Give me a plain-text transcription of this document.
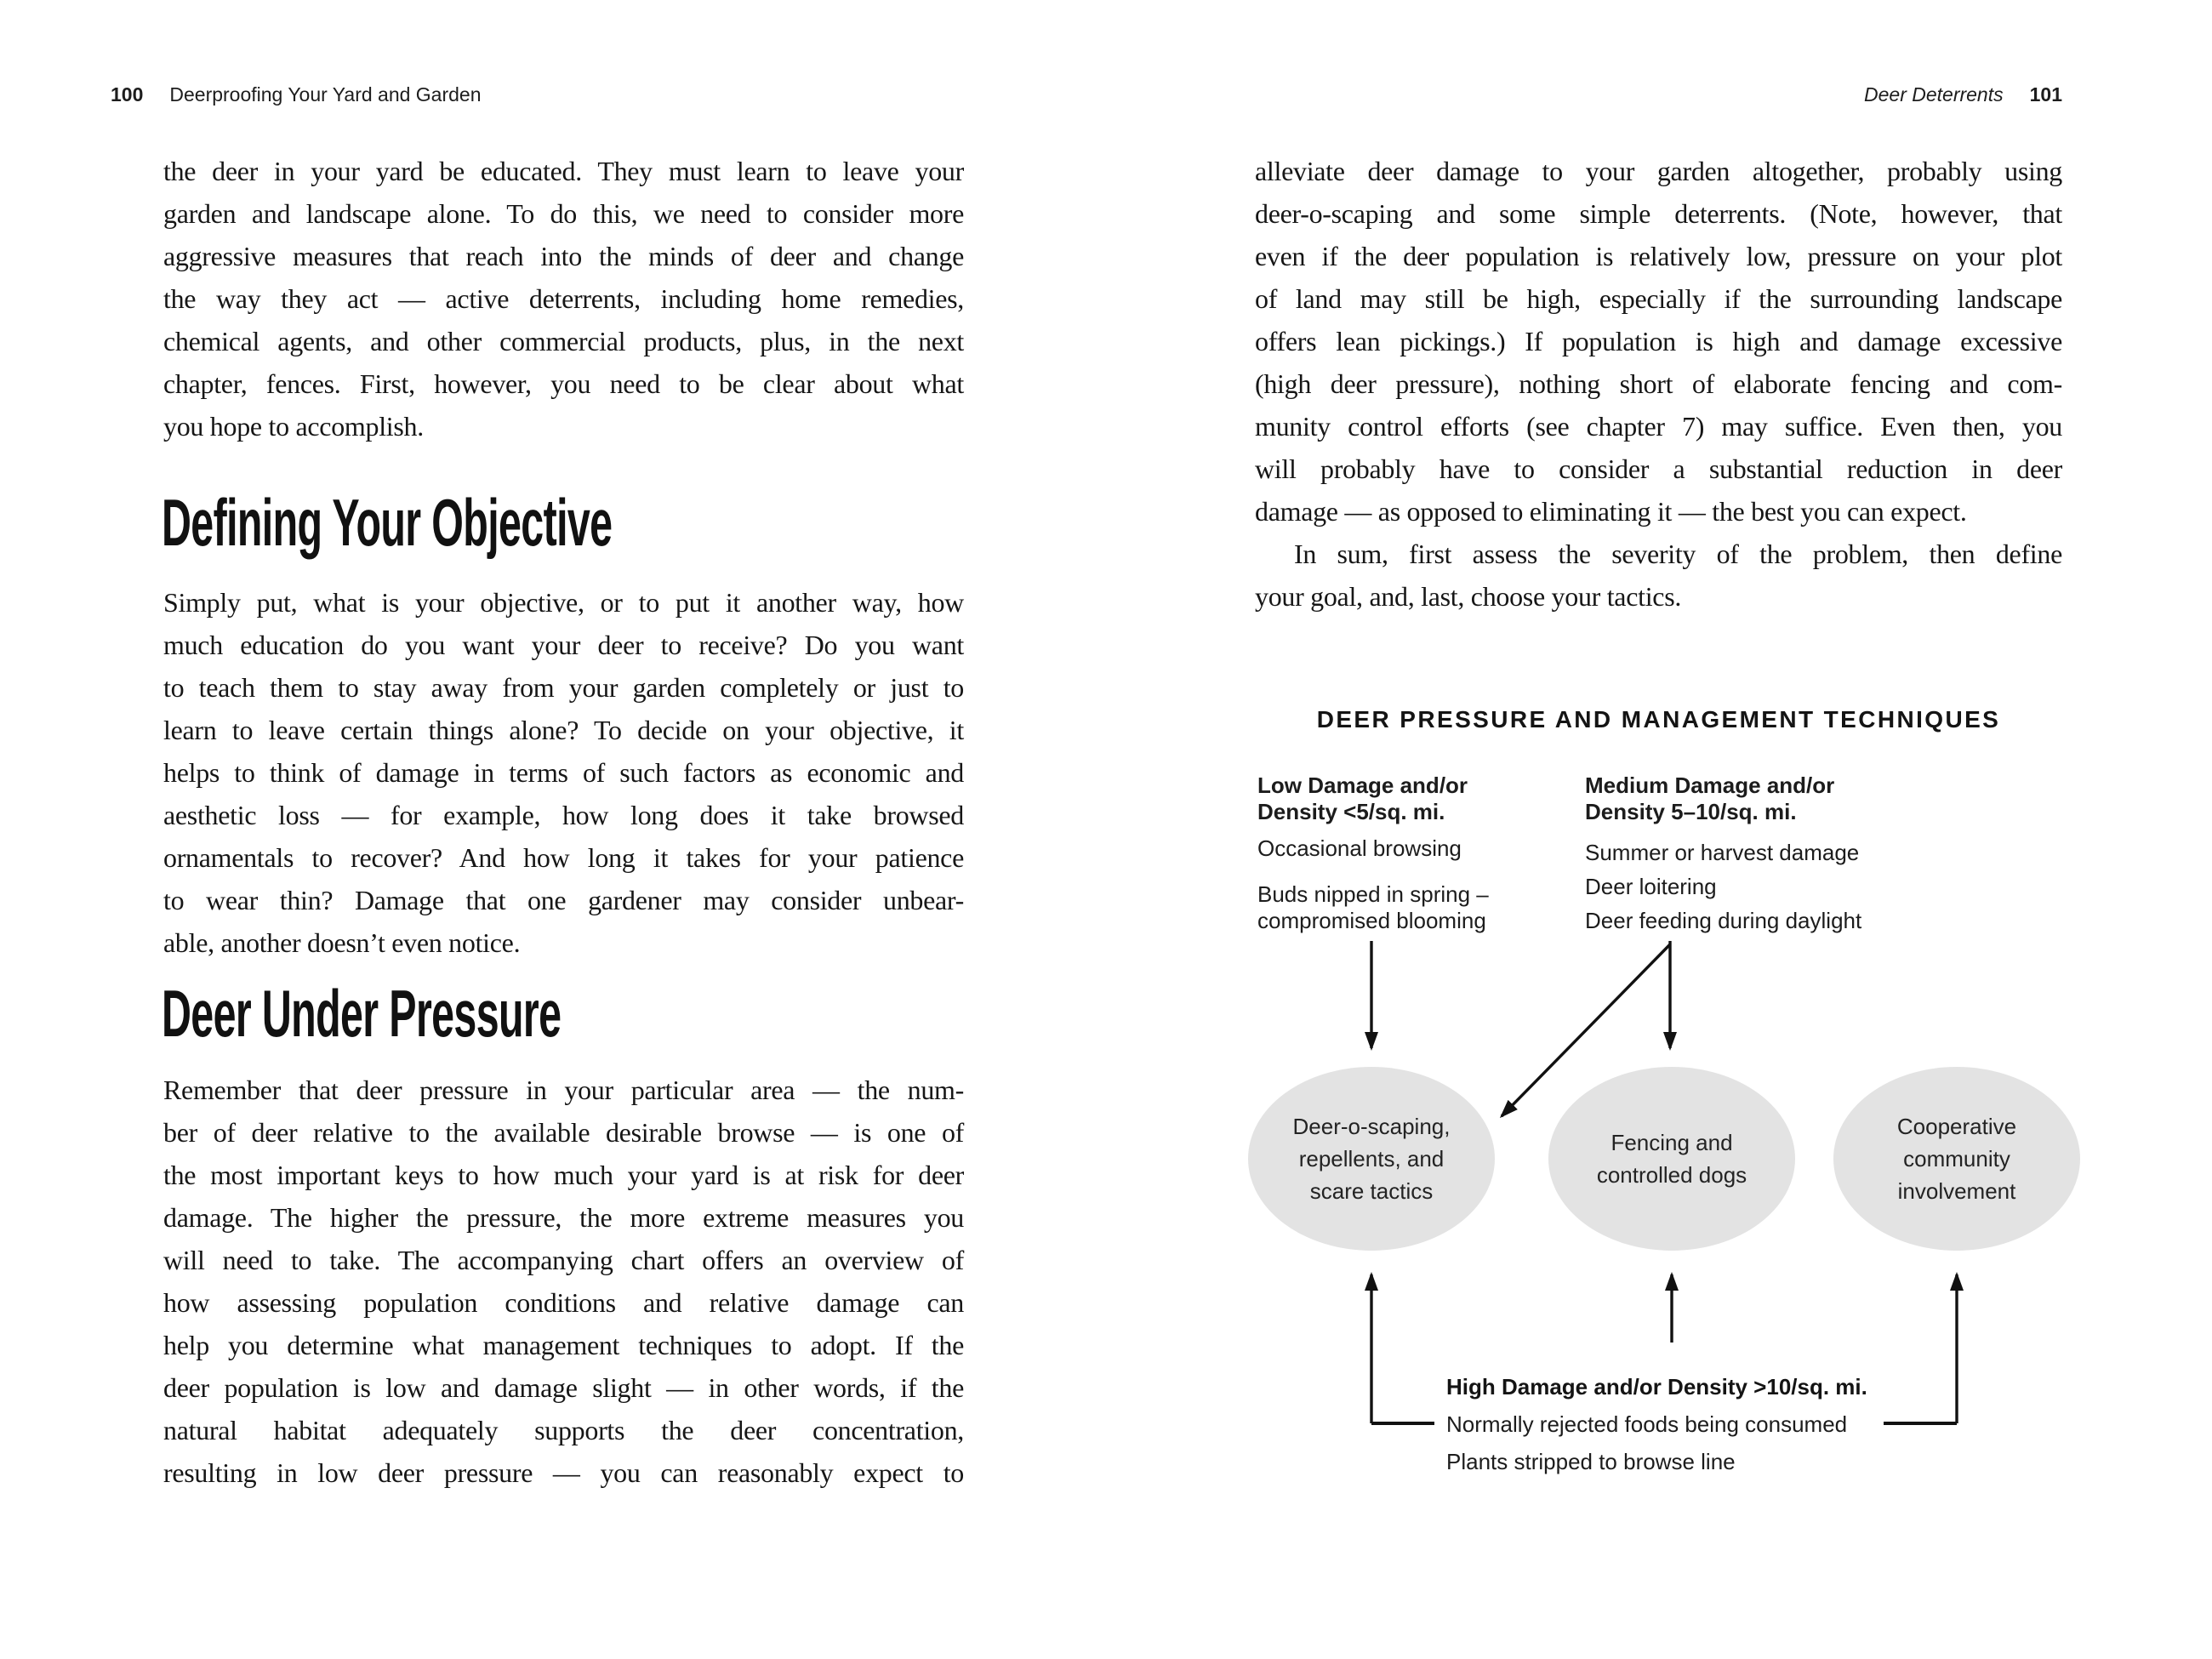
100 Deerproofing Your Yard and Garden	Deer Deterrents 101
the deer in your yard be educated. They must learn to leave your
garden and landscape alone. To do this, we need to consider more
aggressive measures that reach into the minds of deer and change
the way they act — active deterrents, including home remedies,
chemical agents, and other commercial products, plus, in the next
chapter, fences. First, however, you need to be clear about what
you hope to accomplish.
Defining Your Objective
Simply put, what is your objective, or to put it another way, how
much education do you want your deer to receive? Do you want
to teach them to stay away from your garden completely or just to
learn to leave certain things alone? To decide on your objective, it
helps to think of damage in terms of such factors as economic and
aesthetic loss — for example, how long does it take browsed
ornamentals to recover? And how long it takes for your patience
to wear thin? Damage that one gardener may consider unbear-
able, another doesn’t even notice.
Deer Under Pressure
Remember that deer pressure in your particular area — the num-
ber of deer relative to the available desirable browse — is one of
the most important keys to how much your yard is at risk for deer
damage. The higher the pressure, the more extreme measures you
will need to take. The accompanying chart offers an overview of
how assessing population conditions and relative damage can
help you determine what management techniques to adopt. If the
deer population is low and damage slight — in other words, if the
natural habitat adequately supports the deer concentration,
resulting in low deer pressure — you can reasonably expect to
alleviate deer damage to your garden altogether, probably using
deer-o-scaping and some simple deterrents. (Note, however, that
even if the deer population is relatively low, pressure on your plot
of land may still be high, especially if the surrounding landscape
offers lean pickings.) If population is high and damage excessive
(high deer pressure), nothing short of elaborate fencing and com-
munity control efforts (see chapter 7) may suffice. Even then, you
will probably have to consider a substantial reduction in deer
damage — as opposed to eliminating it — the best you can expect.
In sum, first assess the severity of the problem, then define
your goal, and, last, choose your tactics.
DEER PRESSURE AND MANAGEMENT TECHNIQUES
Low Damage and/or
Density <5/sq. mi.
Occasional browsing
Buds nipped in spring –
compromised blooming
Medium Damage and/or
Density 5–10/sq. mi.
Summer or harvest damage
Deer loitering
Deer feeding during daylight
Deer-o-scaping,
repellents, and
scare tactics
Fencing and
controlled dogs
Cooperative
community
involvement
High Damage and/or Density >10/sq. mi.
Normally rejected foods being consumed
Plants stripped to browse line
